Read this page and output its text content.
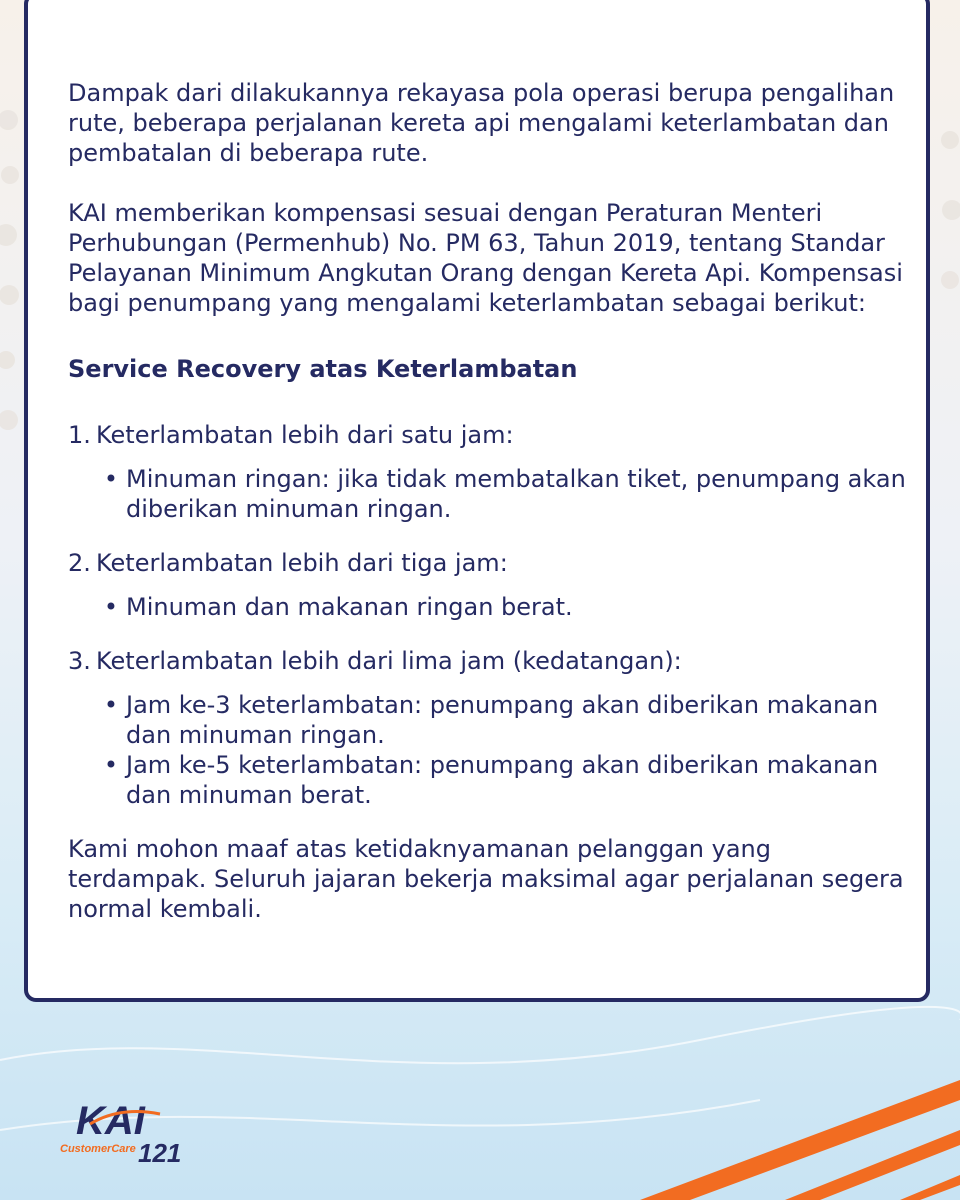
Dampak dari dilakukannya rekayasa pola operasi berupa pengalihan rute, beberapa perjalanan kereta api mengalami keterlambatan dan pembatalan di beberapa rute.

KAI memberikan kompensasi sesuai dengan Peraturan Menteri Perhubungan (Permenhub) No. PM 63, Tahun 2019, tentang Standar Pelayanan Minimum Angkutan Orang dengan Kereta Api. Kompensasi bagi penumpang yang mengalami keterlambatan sebagai berikut:

Service Recovery atas Keterlambatan

1. Keterlambatan lebih dari satu jam:
• Minuman ringan: jika tidak membatalkan tiket, penumpang akan diberikan minuman ringan.
2. Keterlambatan lebih dari tiga jam:
• Minuman dan makanan ringan berat.
3. Keterlambatan lebih dari lima jam (kedatangan):
• Jam ke-3 keterlambatan: penumpang akan diberikan makanan dan minuman ringan.
• Jam ke-5 keterlambatan: penumpang akan diberikan makanan dan minuman berat.

Kami mohon maaf atas ketidaknyamanan pelanggan yang terdampak. Seluruh jajaran bekerja maksimal agar perjalanan segera normal kembali.

KAI
CustomerCare 121
